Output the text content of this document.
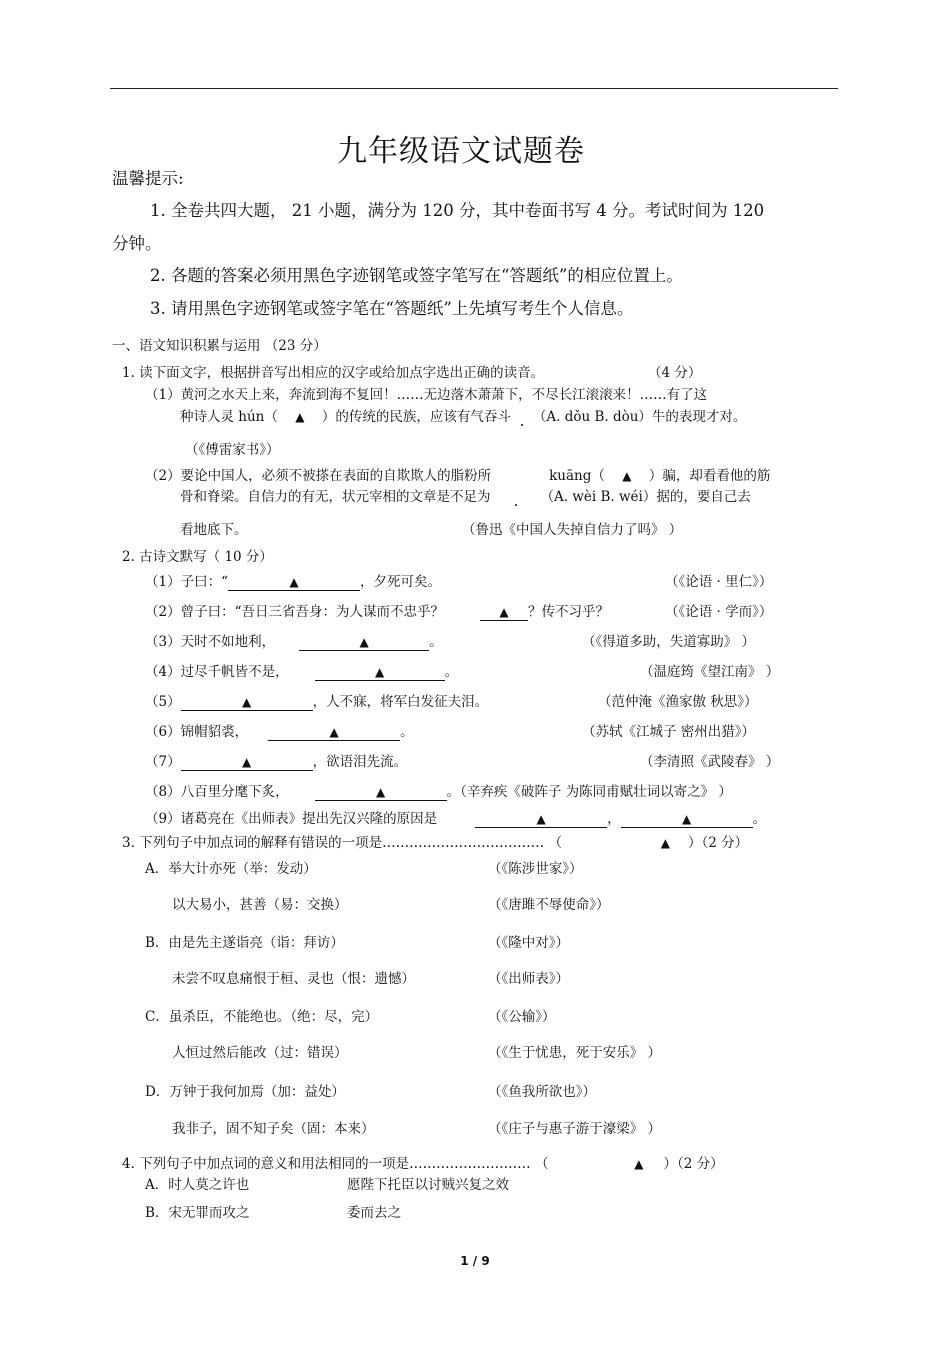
九年级语文试题卷
温馨提示:
1. 全卷共四大题， 21 小题，满分为 120 分，其中卷面书写 4 分。考试时间为 120
分钟。
2. 各题的答案必须用黑色字迹钢笔或签字笔写在“答题纸”的相应位置上。
3. 请用黑色字迹钢笔或签字笔在“答题纸”上先填写考生个人信息。
一、语文知识积累与运用 （23 分）
1. 读下面文字，根据拼音写出相应的汉字或给加点字选出正确的读音。	（4 分）
（1）黄河之水天上来，奔流到海不复回！……无边落木萧萧下，不尽长江滚滚来！……有了这
种诗人灵 hún（ ▲ ）的传统的民族，应该有气吞斗 （A. dǒu B. dòu）牛的表现才对。
（《傅雷家书》）
（2）要论中国人，必须不被搽在表面的自欺欺人的脂粉所	kuāng（ ▲ ）骗，却看看他的筋
骨和脊梁。自信力的有无，状元宰相的文章是不足为	（A. wèi B. wéi）据的，要自己去
看地底下。	（鲁迅《中国人失掉自信力了吗》 ）
2. 古诗文默写（ 10 分）
（1）子曰：“	▲	，夕死可矣。	（《论语 · 里仁》）
（2）曾子曰：“吾日三省吾身：为人谋而不忠乎？	▲ ？传不习乎？	（《论语 · 学而》）
（3）天时不如地利，	▲	。	（《得道多助，失道寡助》 ）
（4）过尽千帆皆不是，	▲	。	（温庭筠《望江南》 ）
（5）	▲	，人不寐，将军白发征夫泪。	（范仲淹《渔家傲 秋思》）
（6）锦帽貂裘，	▲	。	（苏轼《江城子 密州出猎》）
（7）	▲	，欲语泪先流。	（李清照《武陵春》 ）
（8）八百里分麾下炙，	▲	。（辛弃疾《破阵子 为陈同甫赋壮词以寄之》 ）
（9）诸葛亮在《出师表》提出先汉兴隆的原因是	▲	，	▲	。
3. 下列句子中加点词的解释有错误的一项是……………………………… （	▲ ）（2 分）
A．举大计亦死（举：发动）	（《陈涉世家》）
以大易小，甚善（易：交换）	（《唐雎不辱使命》）
B．由是先主遂诣亮（诣：拜访）	（《隆中对》）
未尝不叹息痛恨于桓、灵也（恨：遗憾）	（《出师表》）
C．虽杀臣，不能绝也。（绝：尽，完）	（《公输》）
人恒过然后能改（过：错误）	（《生于忧患，死于安乐》 ）
D．万钟于我何加焉（加：益处）	（《鱼我所欲也》）
我非子，固不知子矣（固：本来）	（《庄子与惠子游于濠梁》 ）
4. 下列句子中加点词的意义和用法相同的一项是……………………… （	▲ ）（2 分）
A．时人莫之许也	愿陛下托臣以讨贼兴复之效
B．宋无罪而攻之	委而去之
1 / 9
